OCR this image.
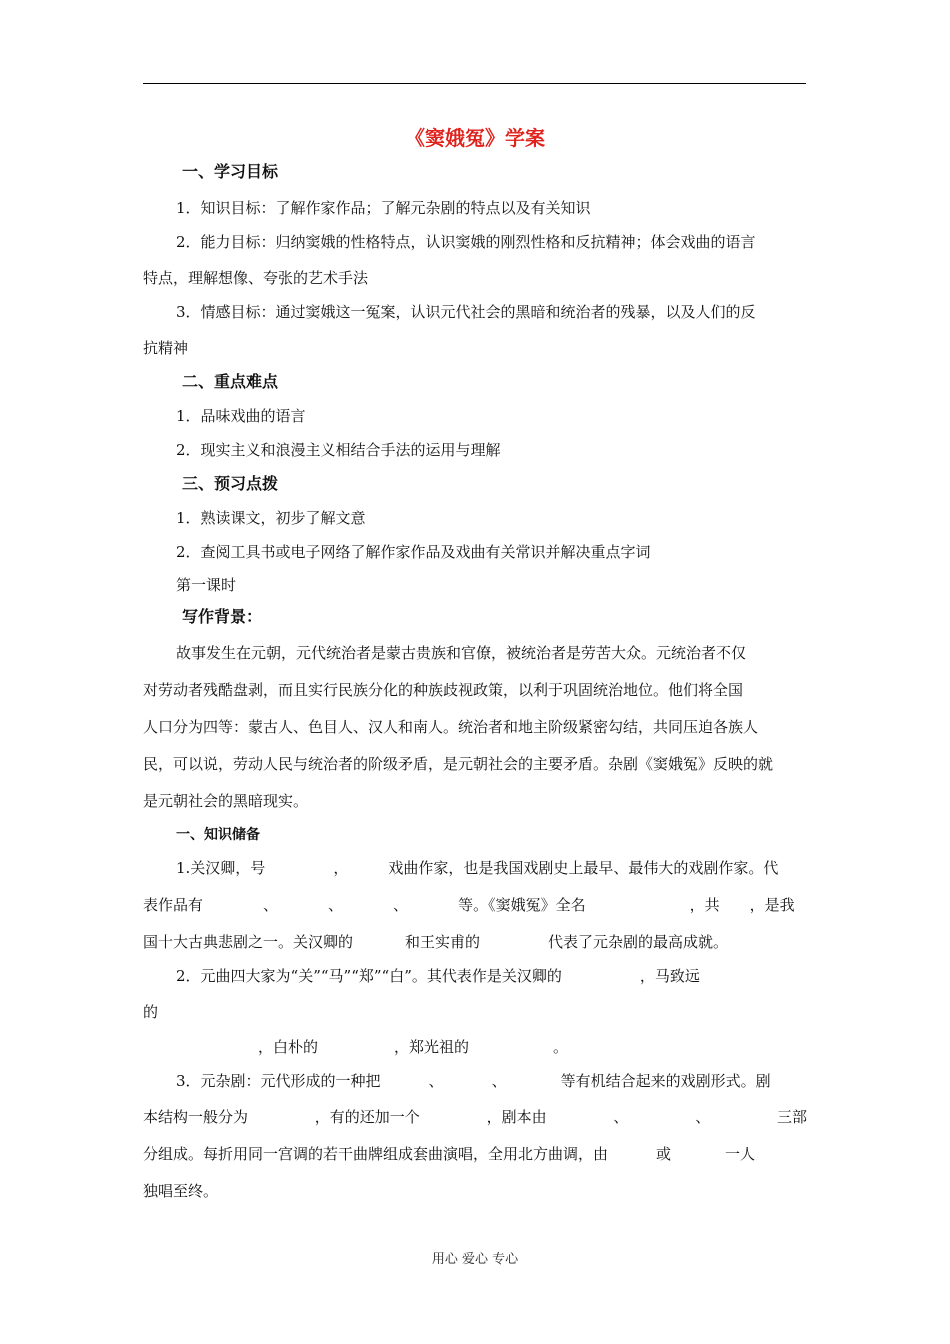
《窦娥冤》学案
一、学习目标
1．知识目标：了解作家作品；了解元杂剧的特点以及有关知识
2．能力目标：归纳窦娥的性格特点，认识窦娥的刚烈性格和反抗精神；体会戏曲的语言
特点，理解想像、夸张的艺术手法
3．情感目标：通过窦娥这一冤案，认识元代社会的黑暗和统治者的残暴，以及人们的反
抗精神
二、重点难点
1．品味戏曲的语言
2．现实主义和浪漫主义相结合手法的运用与理解
三、预习点拨
1．熟读课文，初步了解文意
2．查阅工具书或电子网络了解作家作品及戏曲有关常识并解决重点字词
第一课时
写作背景：
故事发生在元朝，元代统治者是蒙古贵族和官僚，被统治者是劳苦大众。元统治者不仅
对劳动者残酷盘剥，而且实行民族分化的种族歧视政策，以利于巩固统治地位。他们将全国
人口分为四等：蒙古人、色目人、汉人和南人。统治者和地主阶级紧密勾结，共同压迫各族人
民，可以说，劳动人民与统治者的阶级矛盾，是元朝社会的主要矛盾。杂剧《窦娥冤》反映的就
是元朝社会的黑暗现实。
一、知识储备
1.关汉卿，号	，	戏曲作家，也是我国戏剧史上最早、最伟大的戏剧作家。代
表作品有	、	、	、	等。《窦娥冤》全名	，共 ，是我
国十大古典悲剧之一。关汉卿的	和王实甫的	代表了元杂剧的最高成就。
2．元曲四大家为“关”“马”“郑”“白”。其代表作是关汉卿的	，马致远
的
，白朴的	，郑光祖的	。
3．元杂剧：元代形成的一种把	、	、	等有机结合起来的戏剧形式。剧
本结构一般分为	，有的还加一个	，剧本由	、	、	三部
分组成。每折用同一宫调的若干曲牌组成套曲演唱，全用北方曲调，由	或	一人
独唱至终。
用心 爱心 专心
